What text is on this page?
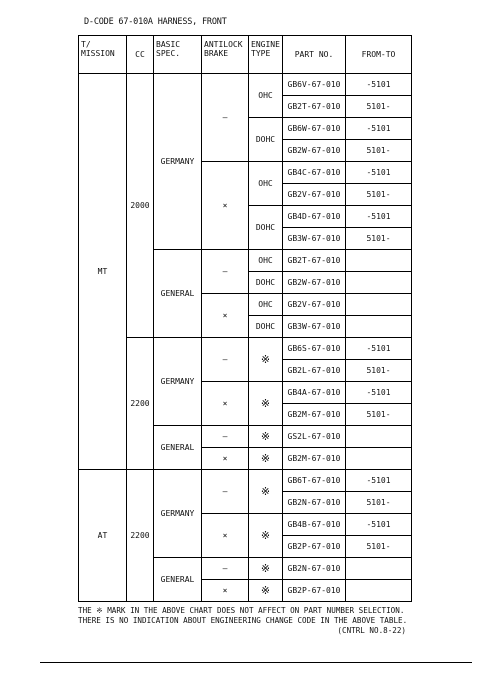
D-CODE 67-010A HARNESS, FRONT
T/ MISSION	CC	BASIC SPEC.	ANTILOCK BRAKE	ENGINE TYPE	PART NO.	FROM-TO
MT	2000	GERMANY	–	OHC	GB6V-67-010	-5101
					GB2T-67-010	5101-
				DOHC	GB6W-67-010	-5101
					GB2W-67-010	5101-
			×	OHC	GB4C-67-010	-5101
					GB2V-67-010	5101-
				DOHC	GB4D-67-010	-5101
					GB3W-67-010	5101-
		GENERAL	–	OHC	GB2T-67-010	
				DOHC	GB2W-67-010	
			×	OHC	GB2V-67-010	
				DOHC	GB3W-67-010	
	2200	GERMANY	–	※	GB6S-67-010	-5101
					GB2L-67-010	5101-
			×	※	GB4A-67-010	-5101
					GB2M-67-010	5101-
		GENERAL	–	※	GS2L-67-010	
			×	※	GB2M-67-010	
AT	2200	GERMANY	–	※	GB6T-67-010	-5101
					GB2N-67-010	5101-
			×	※	GB4B-67-010	-5101
					GB2P-67-010	5101-
		GENERAL	–	※	GB2N-67-010	
			×	※	GB2P-67-010	
THE ※ MARK IN THE ABOVE CHART DOES NOT AFFECT ON PART NUMBER SELECTION.
THERE IS NO INDICATION ABOUT ENGINEERING CHANGE CODE IN THE ABOVE TABLE.
(CNTRL NO.8-22)
